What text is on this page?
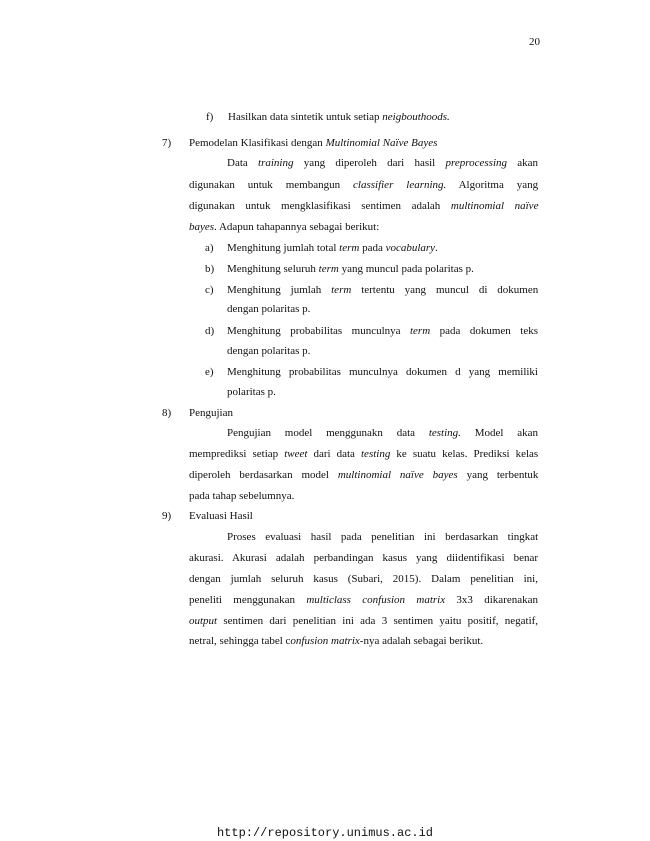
20
f) Hasilkan data sintetik untuk setiap neigbouthoods.
7) Pemodelan Klasifikasi dengan Multinomial Naïve Bayes
Data training yang diperoleh dari hasil preprocessing akan
digunakan untuk membangun classifier learning. Algoritma yang
digunakan untuk mengklasifikasi sentimen adalah multinomial naïve
bayes. Adapun tahapannya sebagai berikut:
a) Menghitung jumlah total term pada vocabulary.
b) Menghitung seluruh term yang muncul pada polaritas p.
c) Menghitung jumlah term tertentu yang muncul di dokumen
dengan polaritas p.
d) Menghitung probabilitas munculnya term pada dokumen teks
dengan polaritas p.
e) Menghitung probabilitas munculnya dokumen d yang memiliki
polaritas p.
8) Pengujian
Pengujian model menggunakn data testing. Model akan
memprediksi setiap tweet dari data testing ke suatu kelas. Prediksi kelas
diperoleh berdasarkan model multinomial naïve bayes yang terbentuk
pada tahap sebelumnya.
9) Evaluasi Hasil
Proses evaluasi hasil pada penelitian ini berdasarkan tingkat
akurasi. Akurasi adalah perbandingan kasus yang diidentifikasi benar
dengan jumlah seluruh kasus (Subari, 2015). Dalam penelitian ini,
peneliti menggunakan multiclass confusion matrix 3x3 dikarenakan
output sentimen dari penelitian ini ada 3 sentimen yaitu positif, negatif,
netral, sehingga tabel confusion matrix-nya adalah sebagai berikut.
http://repository.unimus.ac.id
